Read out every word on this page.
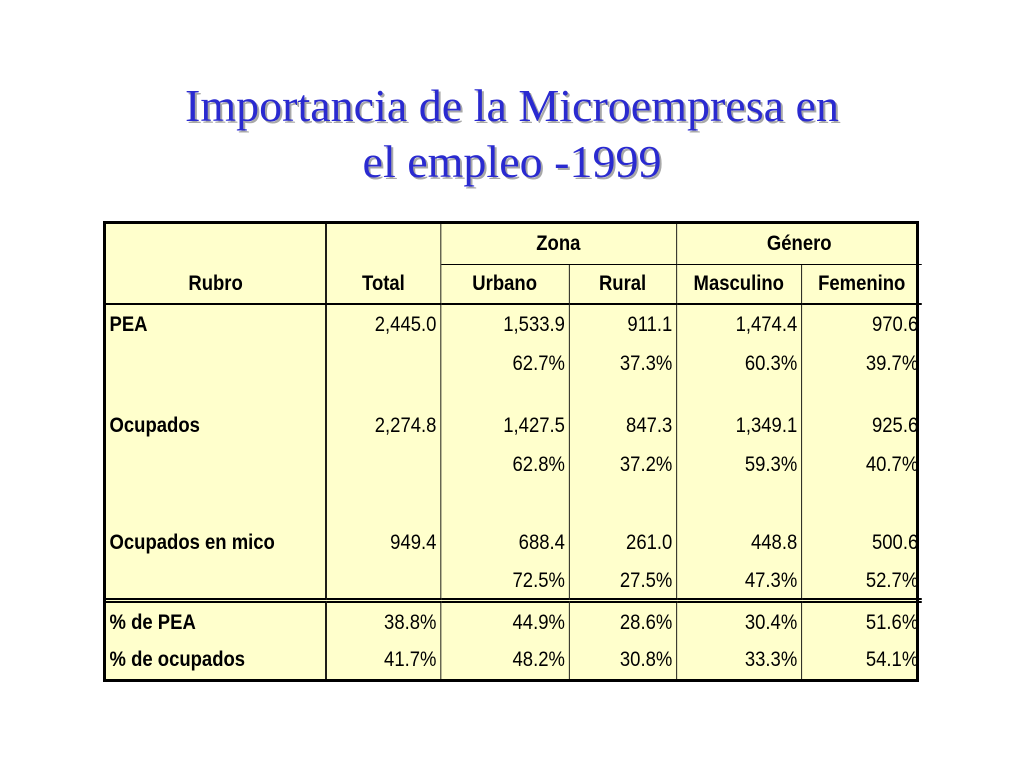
Importancia de la Microempresa en
el empleo -1999
		Zona		Género	
Rubro	Total	Urbano	Rural	Masculino	Femenino
PEA	2,445.0	1,533.9	911.1	1,474.4	970.6
		62.7%	37.3%	60.3%	39.7%

Ocupados	2,274.8	1,427.5	847.3	1,349.1	925.6
		62.8%	37.2%	59.3%	40.7%

Ocupados en mico	949.4	688.4	261.0	448.8	500.6
		72.5%	27.5%	47.3%	52.7%
% de PEA	38.8%	44.9%	28.6%	30.4%	51.6%
% de ocupados	41.7%	48.2%	30.8%	33.3%	54.1%
